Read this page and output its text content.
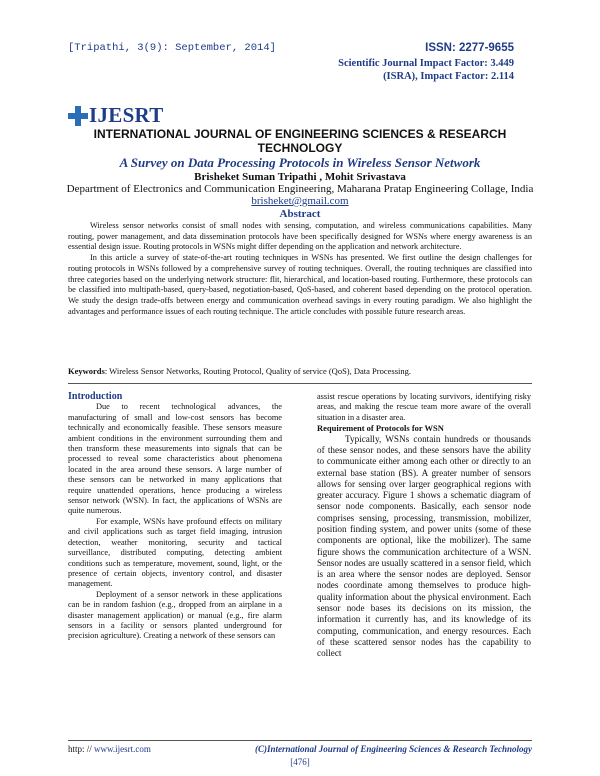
[Tripathi, 3(9): September, 2014]	ISSN: 2277-9655
Scientific Journal Impact Factor: 3.449
(ISRA), Impact Factor: 2.114
IJESRT
INTERNATIONAL JOURNAL OF ENGINEERING SCIENCES & RESEARCH TECHNOLOGY
A Survey on Data Processing Protocols in Wireless Sensor Network
Brisheket Suman Tripathi , Mohit Srivastava
Department of Electronics and Communication Engineering, Maharana Pratap Engineering Collage, India
brisheket@gmail.com
Abstract

Wireless sensor networks consist of small nodes with sensing, computation, and wireless communications capabilities. Many routing, power management, and data dissemination protocols have been specifically designed for WSNs where energy awareness is an essential design issue. Routing protocols in WSNs might differ depending on the application and network architecture.

In this article a survey of state-of-the-art routing techniques in WSNs has presented. We first outline the design challenges for routing protocols in WSNs followed by a comprehensive survey of routing techniques. Overall, the routing techniques are classified into three categories based on the underlying network structure: flit, hierarchical, and location-based routing. Furthermore, these protocols can be classified into multipath-based, query-based, negotiation-based, QoS-based, and coherent based depending on the protocol operation. We study the design trade-offs between energy and communication overhead savings in every routing paradigm. We also highlight the advantages and performance issues of each routing technique. The article concludes with possible future research areas.

Keywords: Wireless Sensor Networks, Routing Protocol, Quality of service (QoS), Data Processing.

Introduction

Due to recent technological advances, the manufacturing of small and low-cost sensors has become technically and economically feasible. These sensors measure ambient conditions in the environment surrounding them and then transform these measurements into signals that can be processed to reveal some characteristics about phenomena located in the area around these sensors. A large number of these sensors can be networked in many applications that require unattended operations, hence producing a wireless sensor network (WSN). In fact, the applications of WSNs are quite numerous.

For example, WSNs have profound effects on military and civil applications such as target field imaging, intrusion detection, weather monitoring, security and tactical surveillance, distributed computing, detecting ambient conditions such as temperature, movement, sound, light, or the presence of certain objects, inventory control, and disaster management.

Deployment of a sensor network in these applications can be in random fashion (e.g., dropped from an airplane in a disaster management application) or manual (e.g., fire alarm sensors in a facility or sensors planted underground for precision agriculture). Creating a network of these sensors can

assist rescue operations by locating survivors, identifying risky areas, and making the rescue team more aware of the overall situation in a disaster area.

Requirement of Protocols for WSN

Typically, WSNs contain hundreds or thousands of these sensor nodes, and these sensors have the ability to communicate either among each other or directly to an external base station (BS). A greater number of sensors allows for sensing over larger geographical regions with greater accuracy. Figure 1 shows a schematic diagram of sensor node components. Basically, each sensor node comprises sensing, processing, transmission, mobilizer, position finding system, and power units (some of these components are optional, like the mobilizer). The same figure shows the communication architecture of a WSN. Sensor nodes are usually scattered in a sensor field, which is an area where the sensor nodes are deployed. Sensor nodes coordinate among themselves to produce high-quality information about the physical environment. Each sensor node bases its decisions on its mission, the information it currently has, and its knowledge of its computing, communication, and energy resources. Each of these scattered sensor nodes has the capability to collect

http: // www.ijesrt.com	(C)International Journal of Engineering Sciences & Research Technology
[476]
